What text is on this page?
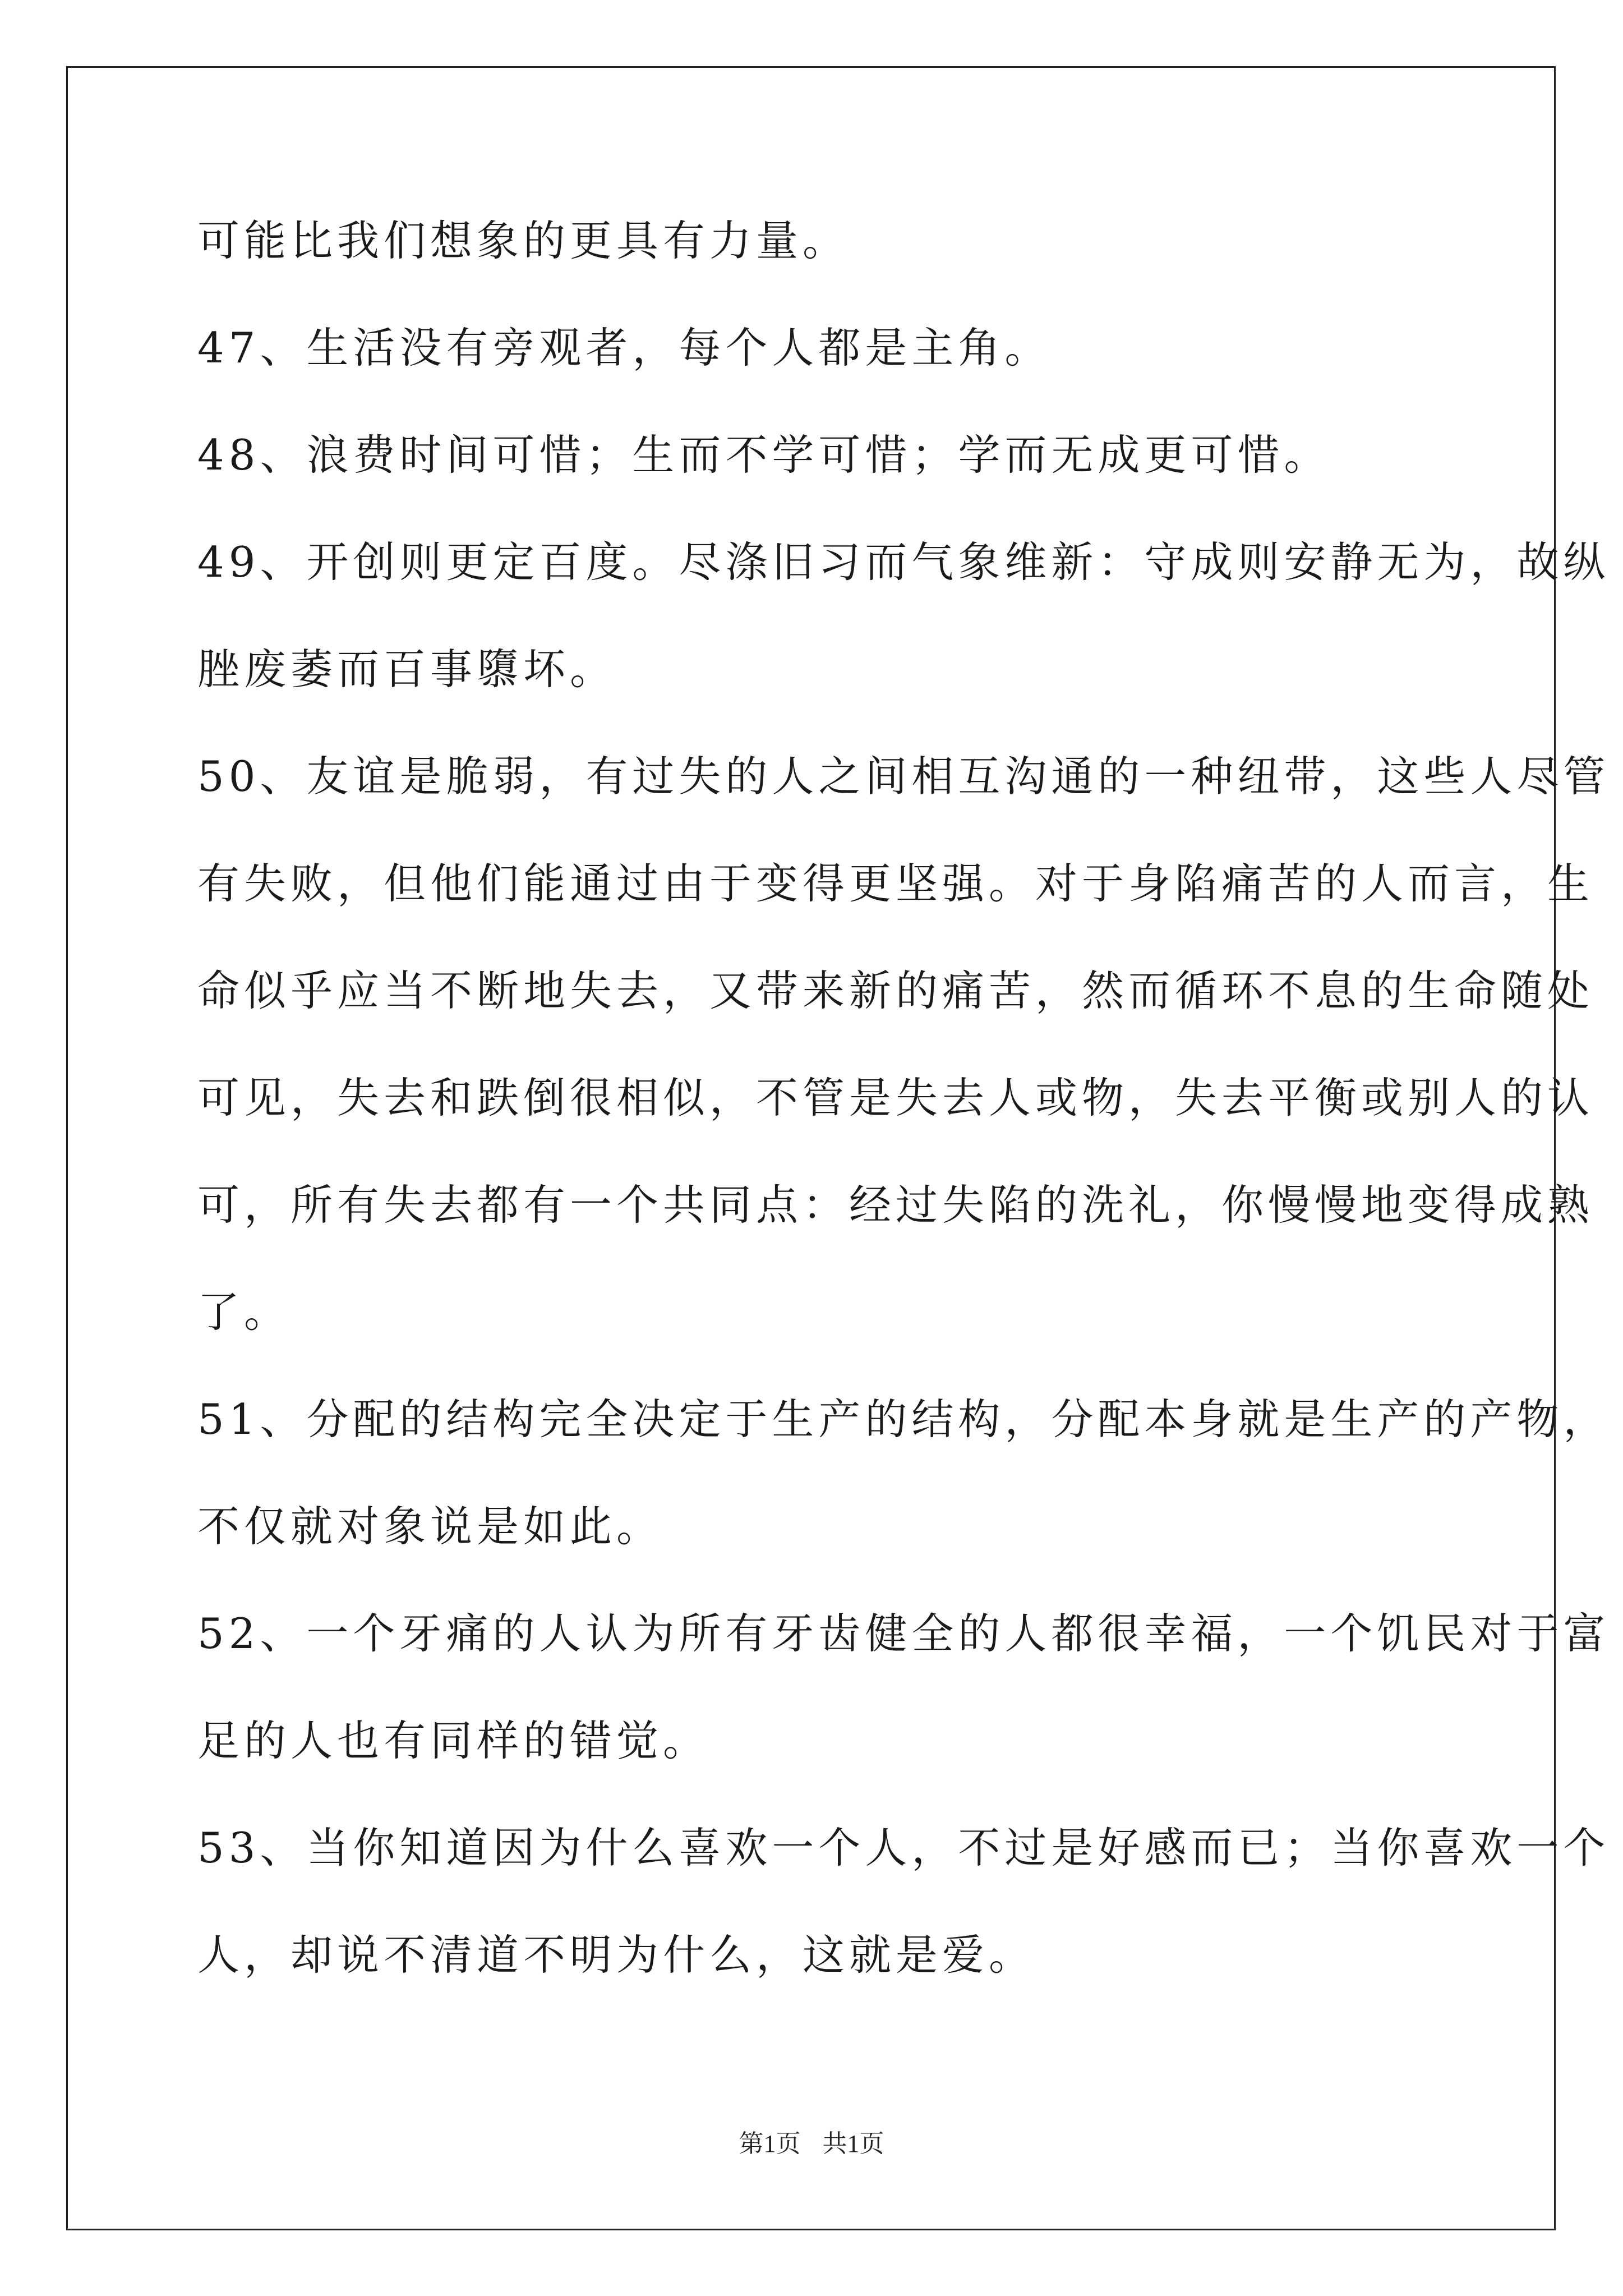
可能比我们想象的更具有力量。
47、生活没有旁观者，每个人都是主角。
48、浪费时间可惜；生而不学可惜；学而无成更可惜。
49、开创则更定百度。尽涤旧习而气象维新：守成则安静无为，故纵
脞废萎而百事隳坏。
50、友谊是脆弱，有过失的人之间相互沟通的一种纽带，这些人尽管
有失败，但他们能通过由于变得更坚强。对于身陷痛苦的人而言，生
命似乎应当不断地失去，又带来新的痛苦，然而循环不息的生命随处
可见，失去和跌倒很相似，不管是失去人或物，失去平衡或别人的认
可，所有失去都有一个共同点：经过失陷的洗礼，你慢慢地变得成熟
了。
51、分配的结构完全决定于生产的结构，分配本身就是生产的产物，
不仅就对象说是如此。
52、一个牙痛的人认为所有牙齿健全的人都很幸福，一个饥民对于富
足的人也有同样的错觉。
53、当你知道因为什么喜欢一个人，不过是好感而已；当你喜欢一个
人，却说不清道不明为什么，这就是爱。
第1页 共1页
